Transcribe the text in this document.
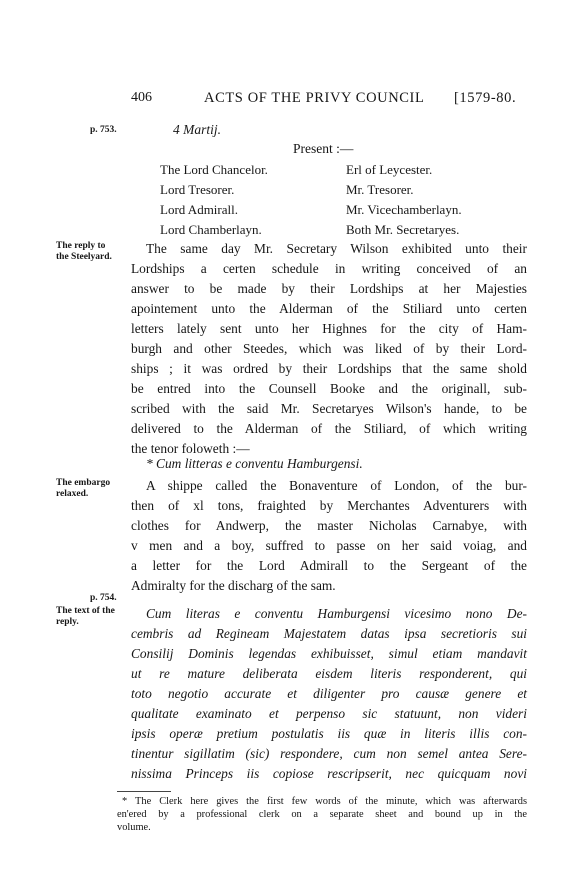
406	ACTS OF THE PRIVY COUNCIL [1579-80.
p. 753.
The reply to
the Steelyard.
The embargo
relaxed.
p. 754.
The text of the
reply.
4 Martij.
Present :—
The Lord Chancelor.
Lord Tresorer.
Lord Admirall.
Lord Chamberlayn.
Erl of Leycester.
Mr. Tresorer.
Mr. Vicechamberlayn.
Both Mr. Secretaryes.
The same day Mr. Secretary Wilson exhibited unto their
Lordships a certen schedule in writing conceived of an
answer to be made by their Lordships at her Majesties
apointement unto the Alderman of the Stiliard unto certen
letters lately sent unto her Highnes for the city of Ham-
burgh and other Steedes, which was liked of by their Lord-
ships ; it was ordred by their Lordships that the same shold
be entred into the Counsell Booke and the originall, sub-
scribed with the said Mr. Secretaryes Wilson's hande, to be
delivered to the Alderman of the Stiliard, of which writing
the tenor foloweth :—
* Cum litteras e conventu Hamburgensi.
A shippe called the Bonaventure of London, of the bur-
then of xl tons, fraighted by Merchantes Adventurers with
clothes for Andwerp, the master Nicholas Carnabye, with
v men and a boy, suffred to passe on her said voiag, and
a letter for the Lord Admirall to the Sergeant of the
Admiralty for the discharg of the sam.
Cum literas e conventu Hamburgensi vicesimo nono De-
cembris ad Regineam Majestatem datas ipsa secretioris sui
Consilij Dominis legendas exhibuisset, simul etiam mandavit
ut re mature deliberata eisdem literis responderent, qui
toto negotio accurate et diligenter pro causæ genere et
qualitate examinato et perpenso sic statuunt, non videri
ipsis operæ pretium postulatis iis quæ in literis illis con-
tinentur sigillatim (sic) respondere, cum non semel antea Sere-
nissima Princeps iis copiose rescripserit, nec quicquam novi
* The Clerk here gives the first few words of the minute, which was afterwards
en'ered by a professional clerk on a separate sheet and bound up in the
volume.
